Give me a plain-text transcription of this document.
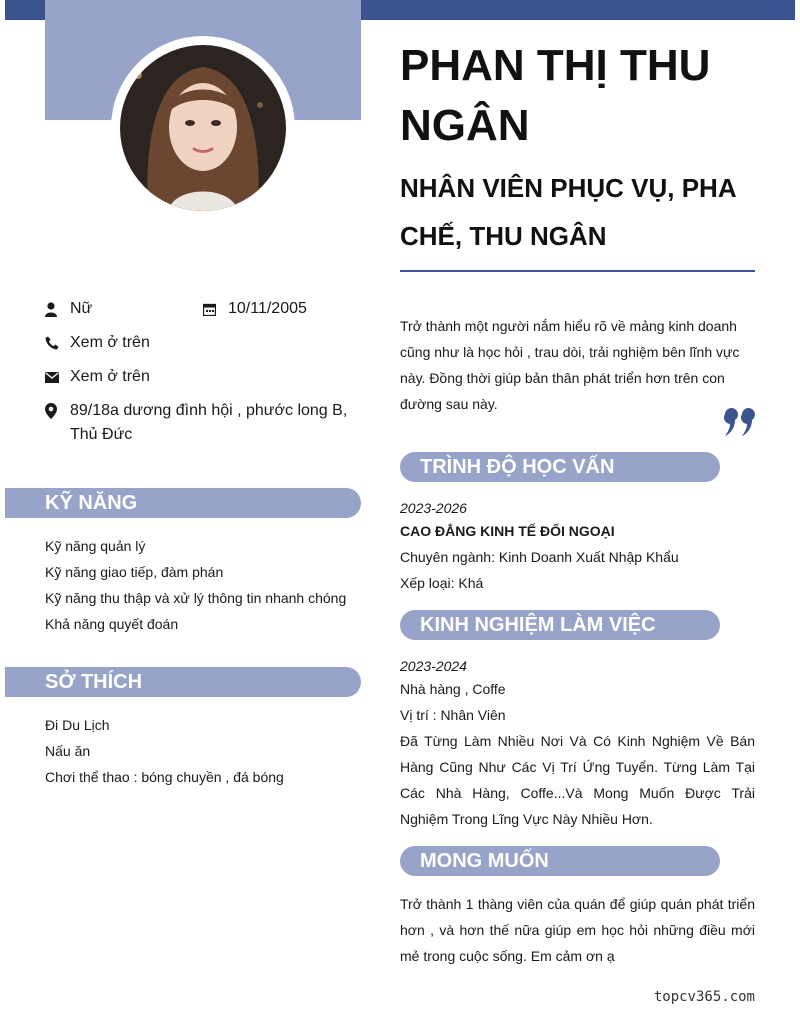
Nữ	10/11/2005
Xem ở trên
Xem ở trên
89/18a dương đình hội , phước long B, Thủ Đức
KỸ NĂNG
Kỹ năng quản lý
Kỹ năng giao tiếp, đàm phán
Kỹ năng thu thập và xử lý thông tin nhanh chóng
Khả năng quyết đoán
SỞ THÍCH
Đi Du Lịch
Nấu ăn
Chơi thể thao : bóng chuyền , đá bóng
PHAN THỊ THU NGÂN
NHÂN VIÊN PHỤC VỤ, PHA CHẾ, THU NGÂN
Trở thành một người nắm hiểu rõ về mảng kinh doanh cũng như là học hỏi , trau dòi, trải nghiệm bên lĩnh vực này. Đồng thời giúp bản thân phát triển hơn trên con đường sau này.
TRÌNH ĐỘ HỌC VẤN
2023-2026
CAO ĐẲNG KINH TẾ ĐỐI NGOẠI
Chuyên ngành: Kinh Doanh Xuất Nhập Khẩu
Xếp loại: Khá
KINH NGHIỆM LÀM VIỆC
2023-2024
Nhà hàng , Coffe
Vị trí : Nhân Viên
Đã Từng Làm Nhiều Nơi Và Có Kinh Nghiệm Về Bán Hàng Cũng Như Các Vị Trí Ứng Tuyển. Từng Làm Tại Các Nhà Hàng, Coffe...Và Mong Muốn Được Trải Nghiệm Trong Lĩng Vực Này Nhiều Hơn.
MONG MUỐN
Trở thành 1 thàng viên của quán để giúp quán phát triển hơn , và hơn thế nữa giúp em học hỏi những điều mới mẻ trong cuộc sống. Em cảm ơn ạ
topcv365.com
